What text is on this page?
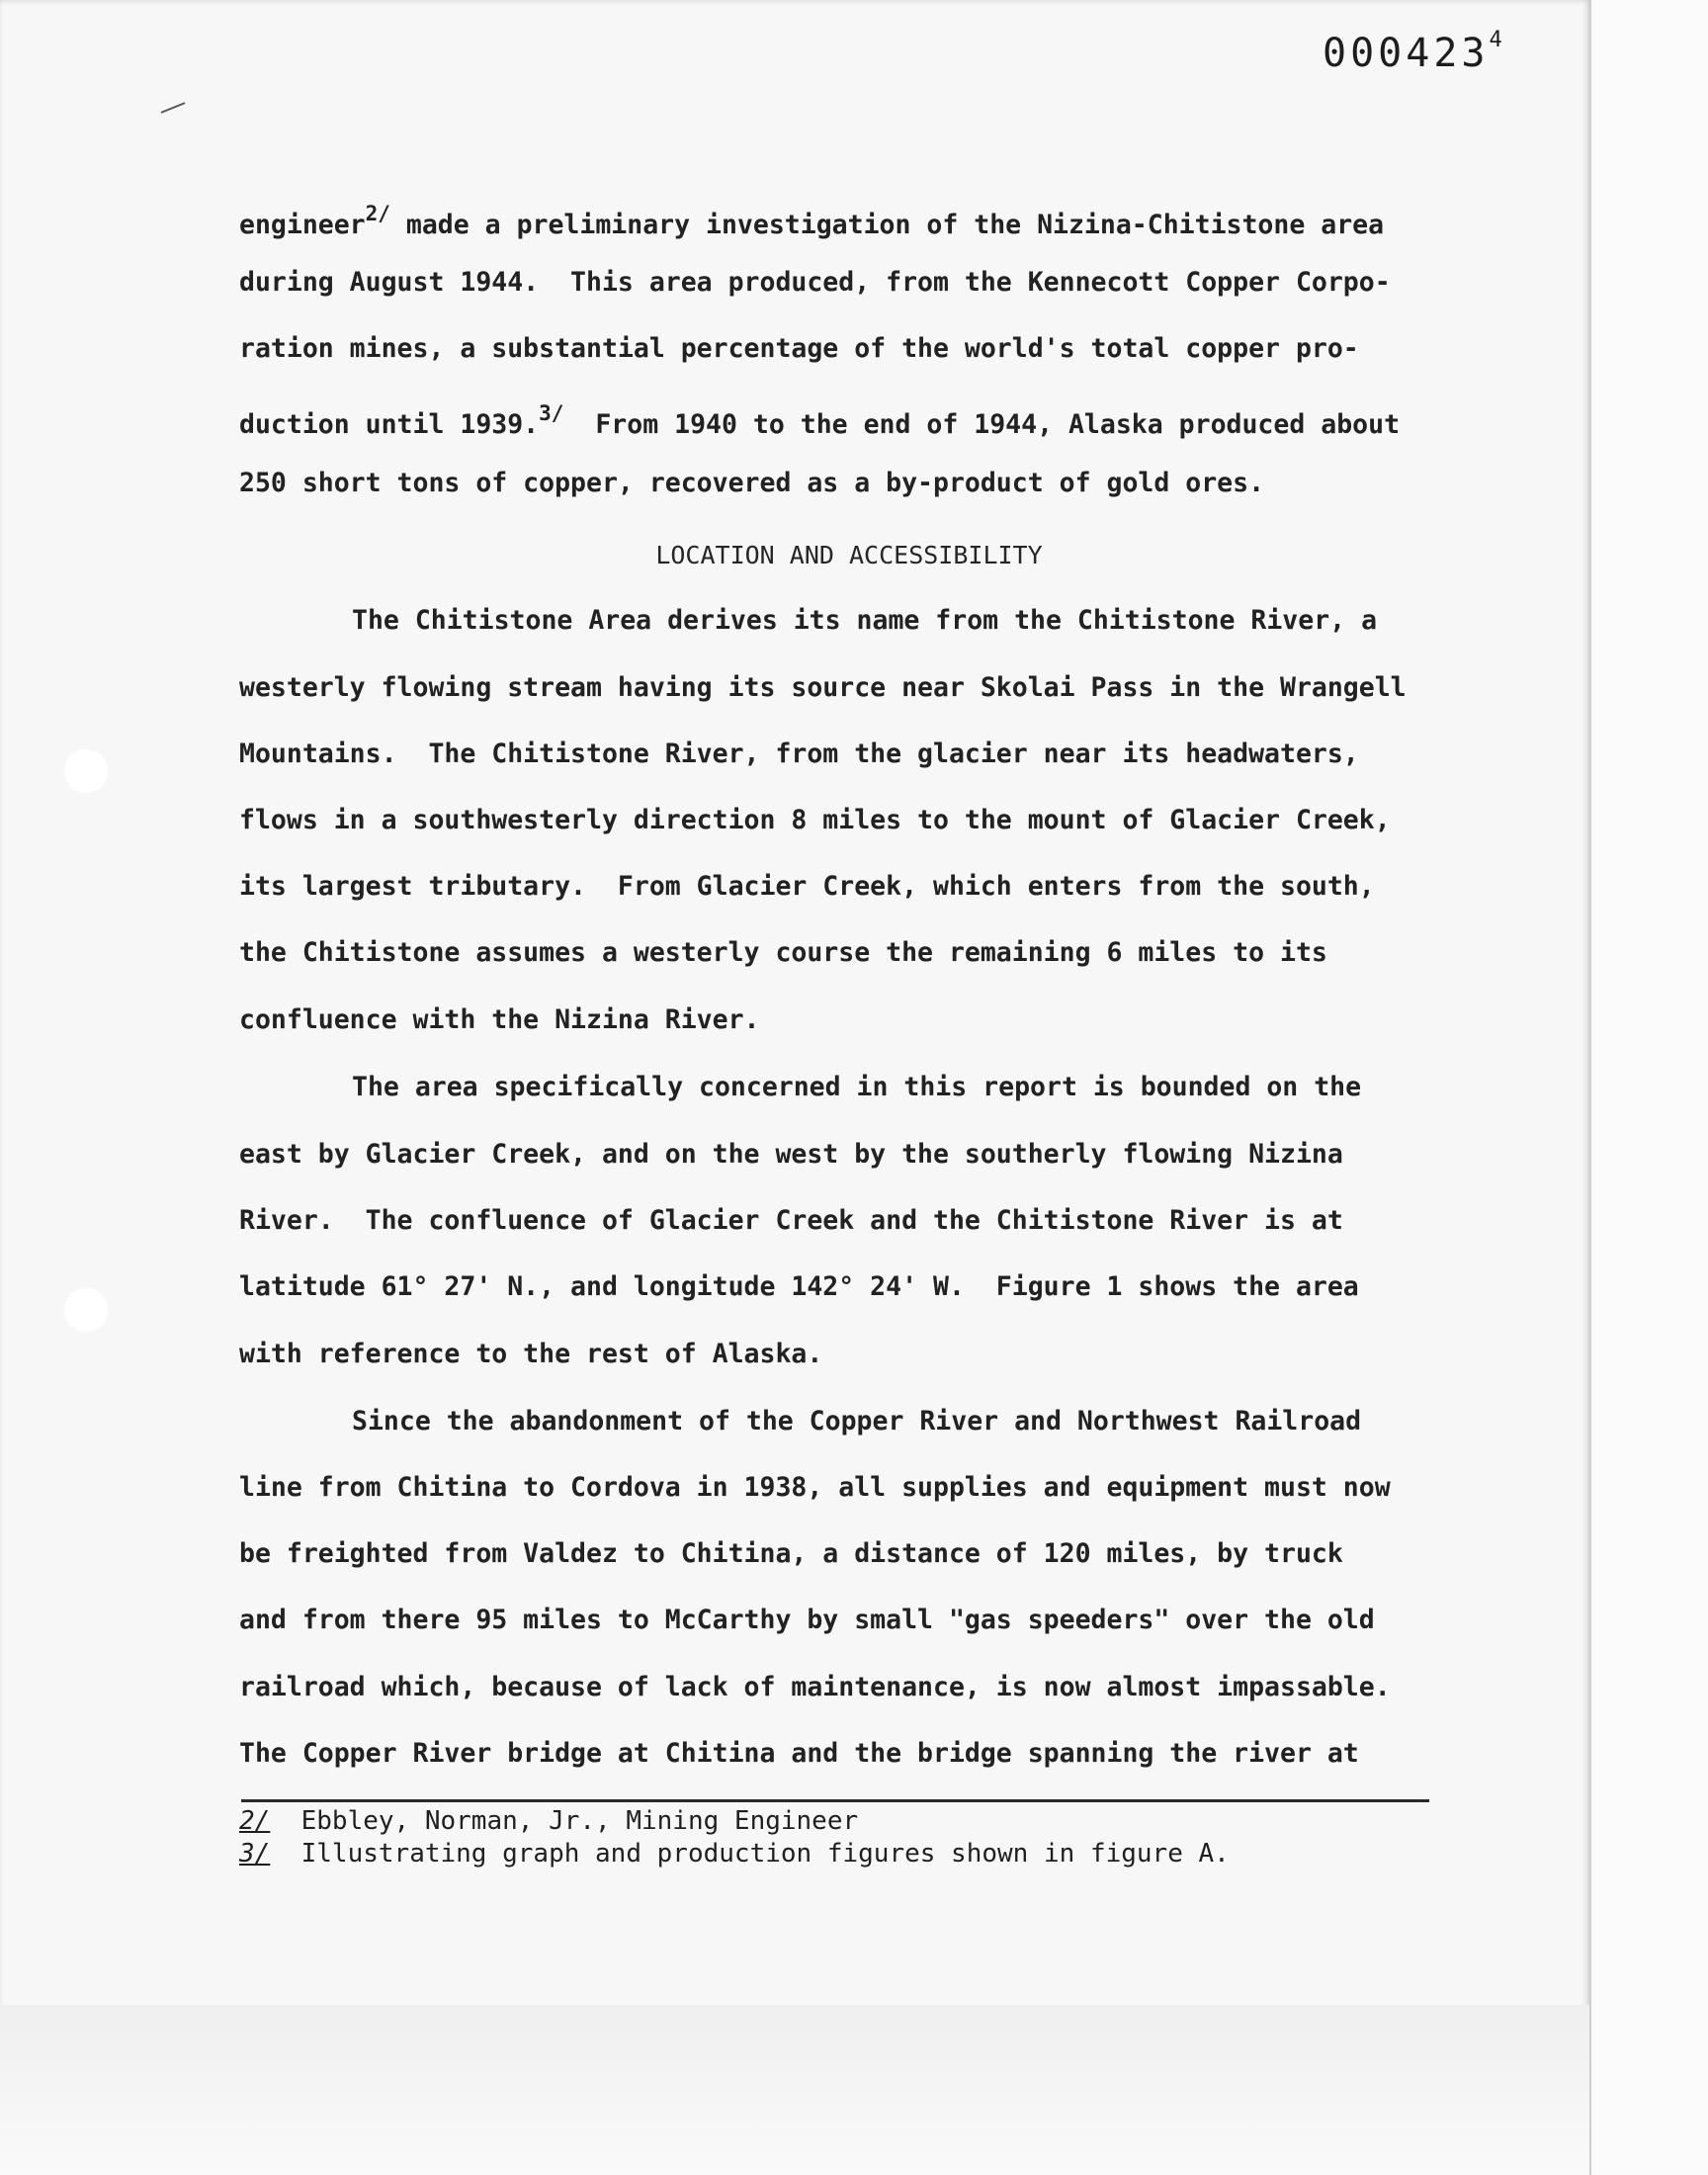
000423$^4$
engineer$^{2/}$ made a preliminary investigation of the Nizina-Chitistone area
during August 1944.  This area produced, from the Kennecott Copper Corpo-
ration mines, a substantial percentage of the world's total copper pro-
duction until 1939.$^{3/}$  From 1940 to the end of 1944, Alaska produced about
250 short tons of copper, recovered as a by-product of gold ores.
LOCATION AND ACCESSIBILITY
The Chitistone Area derives its name from the Chitistone River, a
westerly flowing stream having its source near Skolai Pass in the Wrangell
Mountains.  The Chitistone River, from the glacier near its headwaters,
flows in a southwesterly direction 8 miles to the mount of Glacier Creek,
its largest tributary.  From Glacier Creek, which enters from the south,
the Chitistone assumes a westerly course the remaining 6 miles to its
confluence with the Nizina River.
The area specifically concerned in this report is bounded on the
east by Glacier Creek, and on the west by the southerly flowing Nizina
River.  The confluence of Glacier Creek and the Chitistone River is at
latitude 61° 27' N., and longitude 142° 24' W.  Figure 1 shows the area
with reference to the rest of Alaska.
Since the abandonment of the Copper River and Northwest Railroad
line from Chitina to Cordova in 1938, all supplies and equipment must now
be freighted from Valdez to Chitina, a distance of 120 miles, by truck
and from there 95 miles to McCarthy by small "gas speeders" over the old
railroad which, because of lack of maintenance, is now almost impassable.
The Copper River bridge at Chitina and the bridge spanning the river at
2/  Ebbley, Norman, Jr., Mining Engineer
3/  Illustrating graph and production figures shown in figure A.
